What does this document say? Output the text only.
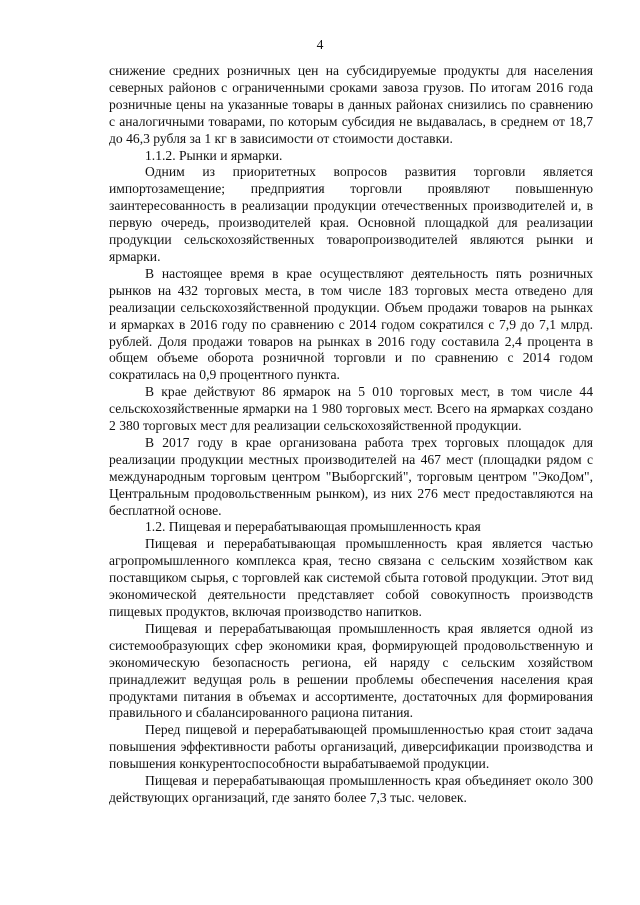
4

снижение средних розничных цен на субсидируемые продукты для населения северных районов с ограниченными сроками завоза грузов. По итогам 2016 года розничные цены на указанные товары в данных районах снизились по сравнению с аналогичными товарами, по которым субсидия не выдавалась, в среднем от 18,7 до 46,3 рубля за 1 кг в зависимости от стоимости доставки.

1.1.2. Рынки и ярмарки.

Одним из приоритетных вопросов развития торговли является импортозамещение; предприятия торговли проявляют повышенную заинтересованность в реализации продукции отечественных производителей и, в первую очередь, производителей края. Основной площадкой для реализации продукции сельскохозяйственных товаропроизводителей являются рынки и ярмарки.

В настоящее время в крае осуществляют деятельность пять розничных рынков на 432 торговых места, в том числе 183 торговых места отведено для реализации сельскохозяйственной продукции. Объем продажи товаров на рынках и ярмарках в 2016 году по сравнению с 2014 годом сократился с 7,9 до 7,1 млрд. рублей. Доля продажи товаров на рынках в 2016 году составила 2,4 процента в общем объеме оборота розничной торговли и по сравнению с 2014 годом сократилась на 0,9 процентного пункта.

В крае действуют 86 ярмарок на 5 010 торговых мест, в том числе 44 сельскохозяйственные ярмарки на 1 980 торговых мест. Всего на ярмарках создано 2 380 торговых мест для реализации сельскохозяйственной продукции.

В 2017 году в крае организована работа трех торговых площадок для реализации продукции местных производителей на 467 мест (площадки рядом с международным торговым центром "Выборгский", торговым центром "ЭкоДом", Центральным продовольственным рынком), из них 276 мест предоставляются на бесплатной основе.

1.2. Пищевая и перерабатывающая промышленность края

Пищевая и перерабатывающая промышленность края является частью агропромышленного комплекса края, тесно связана с сельским хозяйством как поставщиком сырья, с торговлей как системой сбыта готовой продукции. Этот вид экономической деятельности представляет собой совокупность производств пищевых продуктов, включая производство напитков.

Пищевая и перерабатывающая промышленность края является одной из системообразующих сфер экономики края, формирующей продовольственную и экономическую безопасность региона, ей наряду с сельским хозяйством принадлежит ведущая роль в решении проблемы обеспечения населения края продуктами питания в объемах и ассортименте, достаточных для формирования правильного и сбалансированного рациона питания.

Перед пищевой и перерабатывающей промышленностью края стоит задача повышения эффективности работы организаций, диверсификации производства и повышения конкурентоспособности вырабатываемой продукции.

Пищевая и перерабатывающая промышленность края объединяет около 300 действующих организаций, где занято более 7,3 тыс. человек.
